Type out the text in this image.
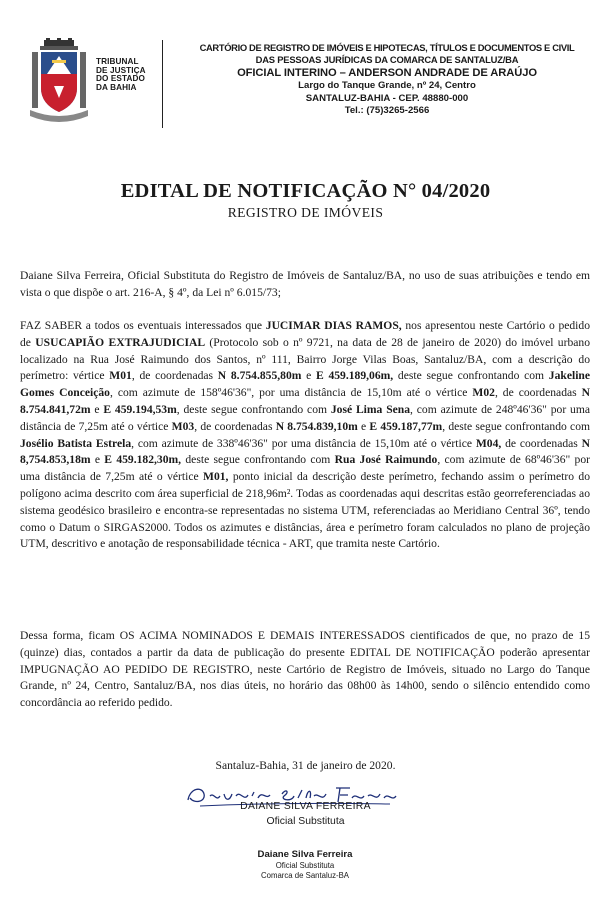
TRIBUNAL
DE JUSTIÇA
DO ESTADO
DA BAHIA
CARTÓRIO DE REGISTRO DE IMÓVEIS E HIPOTECAS, TÍTULOS E DOCUMENTOS E CIVIL
DAS PESSOAS JURÍDICAS DA COMARCA DE SANTALUZ/BA
OFICIAL INTERINO – ANDERSON ANDRADE DE ARAÚJO
Largo do Tanque Grande, nº 24, Centro
SANTALUZ-BAHIA - CEP. 48880-000
Tel.: (75)3265-2566
EDITAL DE NOTIFICAÇÃO N° 04/2020
REGISTRO DE IMÓVEIS
Daiane Silva Ferreira, Oficial Substituta do Registro de Imóveis de Santaluz/BA, no uso de suas atribuições e tendo em vista o que dispõe o art. 216-A, § 4º, da Lei nº 6.015/73;
FAZ SABER a todos os eventuais interessados que JUCIMAR DIAS RAMOS, nos apresentou neste Cartório o pedido de USUCAPIÃO EXTRAJUDICIAL (Protocolo sob o nº 9721, na data de 28 de janeiro de 2020) do imóvel urbano localizado na Rua José Raimundo dos Santos, nº 111, Bairro Jorge Vilas Boas, Santaluz/BA, com a descrição do perímetro: vértice M01, de coordenadas N 8.754.855,80m e E 459.189,06m, deste segue confrontando com Jakeline Gomes Conceição, com azimute de 158º46'36", por uma distância de 15,10m até o vértice M02, de coordenadas N 8.754.841,72m e E 459.194,53m, deste segue confrontando com José Lima Sena, com azimute de 248º46'36" por uma distância de 7,25m até o vértice M03, de coordenadas N 8.754.839,10m e E 459.187,77m, deste segue confrontando com Josélio Batista Estrela, com azimute de 338º46'36" por uma distância de 15,10m até o vértice M04, de coordenadas N 8,754.853,18m e E 459.182,30m, deste segue confrontando com Rua José Raimundo, com azimute de 68º46'36" por uma distância de 7,25m até o vértice M01, ponto inicial da descrição deste perímetro, fechando assim o perímetro do polígono acima descrito com área superficial de 218,96m². Todas as coordenadas aqui descritas estão georreferenciadas ao sistema geodésico brasileiro e encontra-se representadas no sistema UTM, referenciadas ao Meridiano Central 36º, tendo como o Datum o SIRGAS2000. Todos os azimutes e distâncias, área e perímetro foram calculados no plano de projeção UTM, descritivo e anotação de responsabilidade técnica - ART, que tramita neste Cartório.
Dessa forma, ficam OS ACIMA NOMINADOS E DEMAIS INTERESSADOS cientificados de que, no prazo de 15 (quinze) dias, contados a partir da data de publicação do presente EDITAL DE NOTIFICAÇÃO poderão apresentar IMPUGNAÇÃO AO PEDIDO DE REGISTRO, neste Cartório de Registro de Imóveis, situado no Largo do Tanque Grande, nº 24, Centro, Santaluz/BA, nos dias úteis, no horário das 08h00 às 14h00, sendo o silêncio entendido como concordância ao referido pedido.
Santaluz-Bahia, 31 de janeiro de 2020.
DAIANE SILVA FERREIRA
Oficial Substituta
Daiane Silva Ferreira
Oficial Substituta
Comarca de Santaluz-BA
